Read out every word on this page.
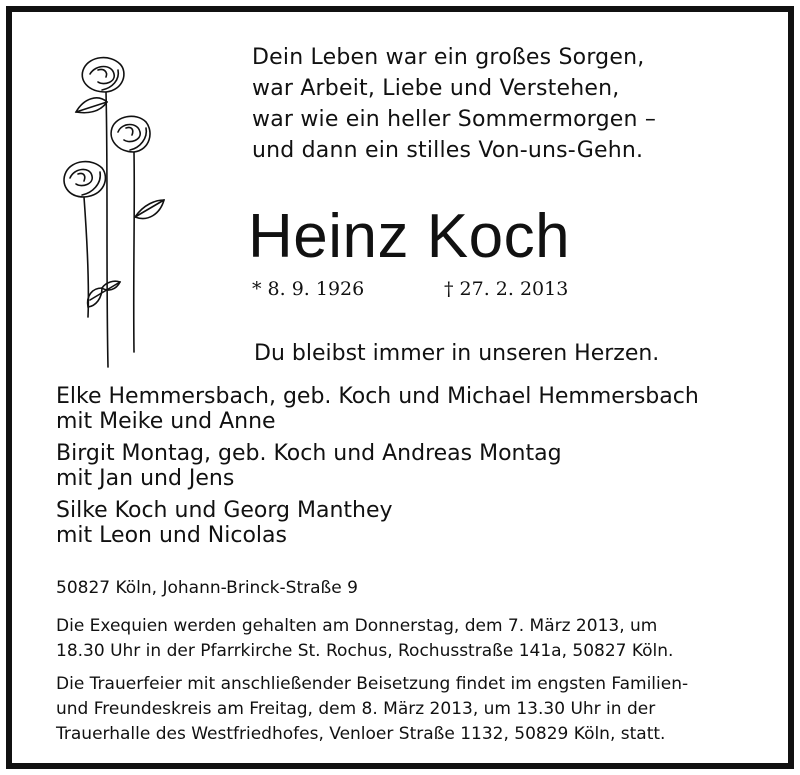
Dein Leben war ein großes Sorgen,
war Arbeit, Liebe und Verstehen,
war wie ein heller Sommermorgen –
und dann ein stilles Von-uns-Gehn.
Heinz Koch
* 8. 9. 1926	† 27. 2. 2013
Du bleibst immer in unseren Herzen.
Elke Hemmersbach, geb. Koch und Michael Hemmersbach
mit Meike und Anne
Birgit Montag, geb. Koch und Andreas Montag
mit Jan und Jens
Silke Koch und Georg Manthey
mit Leon und Nicolas
50827 Köln, Johann-Brinck-Straße 9
Die Exequien werden gehalten am Donnerstag, dem 7. März 2013, um
18.30 Uhr in der Pfarrkirche St. Rochus, Rochusstraße 141a, 50827 Köln.
Die Trauerfeier mit anschließender Beisetzung findet im engsten Familien-
und Freundeskreis am Freitag, dem 8. März 2013, um 13.30 Uhr in der
Trauerhalle des Westfriedhofes, Venloer Straße 1132, 50829 Köln, statt.
